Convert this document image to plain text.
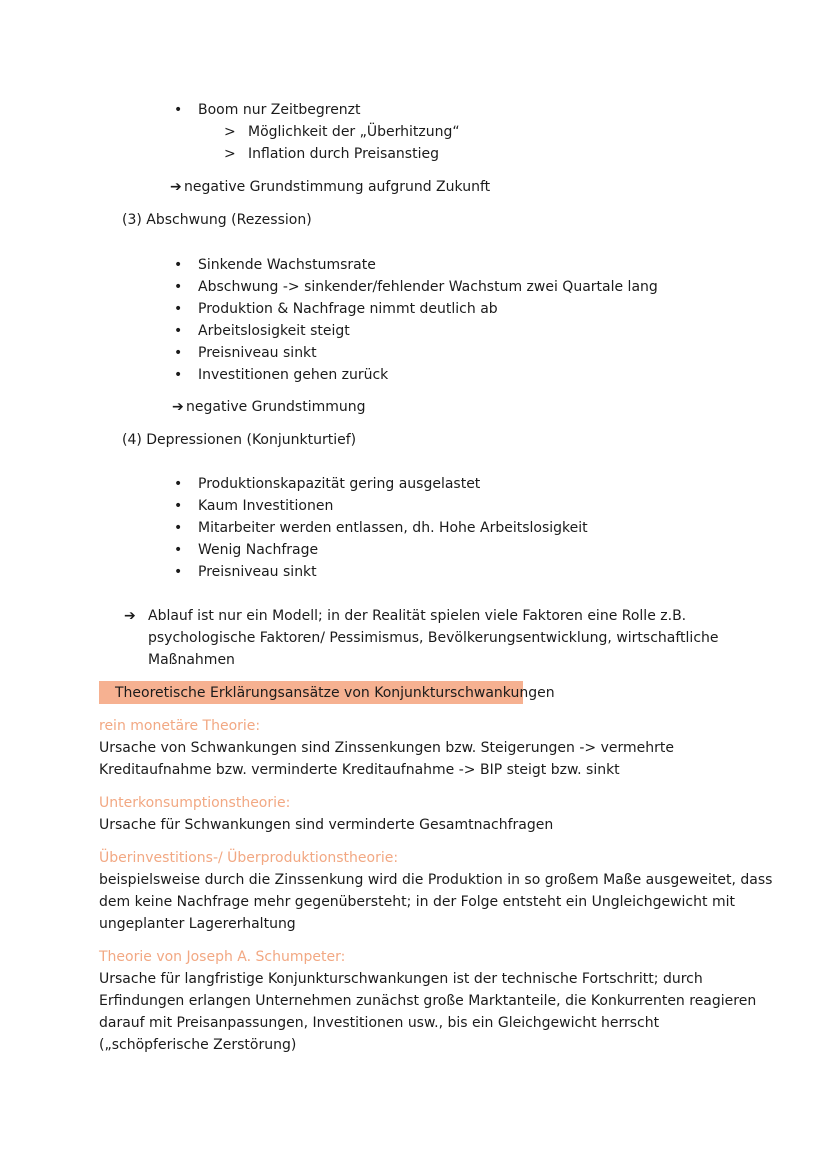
• Boom nur Zeitbegrenzt
> Möglichkeit der „Überhitzung“
> Inflation durch Preisanstieg
➔ negative Grundstimmung aufgrund Zukunft
(3) Abschwung (Rezession)
• Sinkende Wachstumsrate
• Abschwung -> sinkender/fehlender Wachstum zwei Quartale lang
• Produktion & Nachfrage nimmt deutlich ab
• Arbeitslosigkeit steigt
• Preisniveau sinkt
• Investitionen gehen zurück
➔ negative Grundstimmung
(4) Depressionen (Konjunkturtief)
• Produktionskapazität gering ausgelastet
• Kaum Investitionen
• Mitarbeiter werden entlassen, dh. Hohe Arbeitslosigkeit
• Wenig Nachfrage
• Preisniveau sinkt
➔ Ablauf ist nur ein Modell; in der Realität spielen viele Faktoren eine Rolle z.B.
psychologische Faktoren/ Pessimismus, Bevölkerungsentwicklung, wirtschaftliche
Maßnahmen
Theoretische Erklärungsansätze von Konjunkturschwankungen
rein monetäre Theorie:
Ursache von Schwankungen sind Zinssenkungen bzw. Steigerungen -> vermehrte
Kreditaufnahme bzw. verminderte Kreditaufnahme -> BIP steigt bzw. sinkt
Unterkonsumptionstheorie:
Ursache für Schwankungen sind verminderte Gesamtnachfragen
Überinvestitions-/ Überproduktionstheorie:
beispielsweise durch die Zinssenkung wird die Produktion in so großem Maße ausgeweitet, dass
dem keine Nachfrage mehr gegenübersteht; in der Folge entsteht ein Ungleichgewicht mit
ungeplanter Lagererhaltung
Theorie von Joseph A. Schumpeter:
Ursache für langfristige Konjunkturschwankungen ist der technische Fortschritt; durch
Erfindungen erlangen Unternehmen zunächst große Marktanteile, die Konkurrenten reagieren
darauf mit Preisanpassungen, Investitionen usw., bis ein Gleichgewicht herrscht
(„schöpferische Zerstörung)
